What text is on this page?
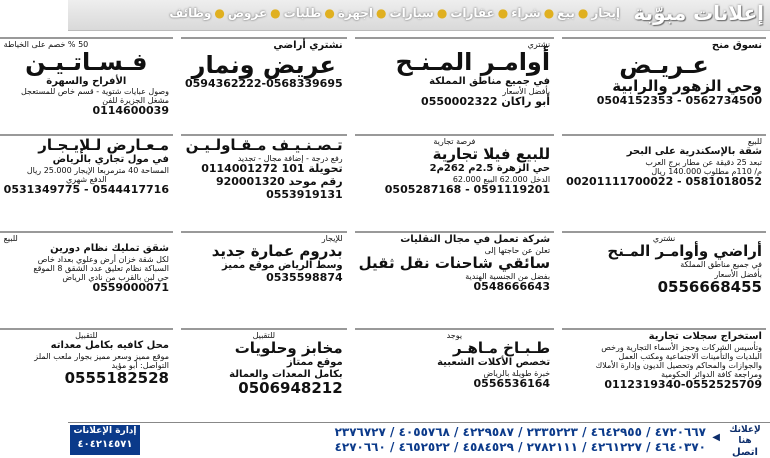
إعلانات مبوّبة
إيجار
●
بيع
●
شراء
●
عقارات
●
سيارات
●
اجهزة
●
طلبات
●
عروض
●
وظائف
نسوق منح
عـريـض
وحي الزهور والرابية
0504152353 - 0562734500
نشتري
أوامـر المـنـح
في جميع مناطق المملكة
بأفضل الأسعار
0550002322 أبو راكان
نشتري أراضي
عريض ونمار
0594362222-0568339695
50 % خصم على الخياطة
فـسـاتـيـن
الأفراح والسهرة
وصول عبايات شتوية - قسم خاص للمستعجل
مشغل الجزيرة للفن
0114600039
للبيع
شقة بالإسكندرية على البحر
تبعد 25 دقيقة عن مطار برج العرب
م/ 110م مطلوب 140.000 ريال
00201111700022 - 0581018052
فرصة تجارية
للبيع فيلا تجارية
حي الزهرة 2.5م 262م2
الدخل 62.000 البيع 62.000
0505287168 - 0591119201
تـصـنـيـف مـقـاولـيـن
رفع درجة - إضافة مجال - تجديد
0114001272 تحويلة 101
رقم موحد 920001320
0553919131
مـعـارض لـلإيـجـار
في مول تجاري بالرياض
المساحة 40 مترمربعا الإيجار 25.000 ريال
الدفع شهري
0531349775 - 0544417716
نشتري
أراضي وأوامـر المـنح
في جميع مناطق المملكة
بأفضل الأسعار
0556668455
شركة تعمل في مجال النقليات
تعلن عن حاجتها إلى
سائقي شاحنات نقل ثقيل
بفضل من الجنسية الهندية
0548666643
للإيجار
بدروم عمارة جديد
وسط الرياض موقع مميز
0535598874
للبيع
شقق تمليك نظام دورين
لكل شقة خزان أرض وعلوي بعداد خاص
السباكة نظام تعليق عدد الشقق 8 الموقع
حي لبن بالقرب من نادي الرياض
0559000071
استخراج سجلات تجارية
وتأسيس الشركات وحجز الأسماء التجارية ورخص
البلديات والتأمينات الاجتماعية ومكتب العمل
والجوازات والمحاكم وتحصيل الديون وإدارة الأملاك
ومراجعة كافة الدوائر الحكومية
0112319340-0552525709
يوجد
طـبـاخ مـاهـر
تخصص الأكلات الشعبية
خبرة طويلة بالرياض
0556536164
للتقبيل
مخابز وحلويات
موقع ممتاز
بكامل المعدات والعمالة
0506948212
للتقبيل
محل كافيه بكامل معداته
موقع مميز وسعر مميز بجوار ملعب الملز
التواصل: أبو مؤيد
0555182528
لإعلانك هنا
اتصل
◀
٤٧٢٠٦٦٧ / ٤٦٤٢٩٥٥ / ٢٣٣٥٢٢٣ / ٤٢٢٩٥٨٧ / ٤٠٥٥٧٦٨ / ٢٣٧٦٧٢٧
٤٦٤٠٣٧٠ / ٤٢٦١٢٢٧ / ٢٧٨٢١١١ / ٤٥٨٤٥٢٩ / ٤٦٥٢٥٢٢ / ٤٢٧٠٦٦٠
إدارة الإعلانات
٤٠٤٢١٤٥٧١
